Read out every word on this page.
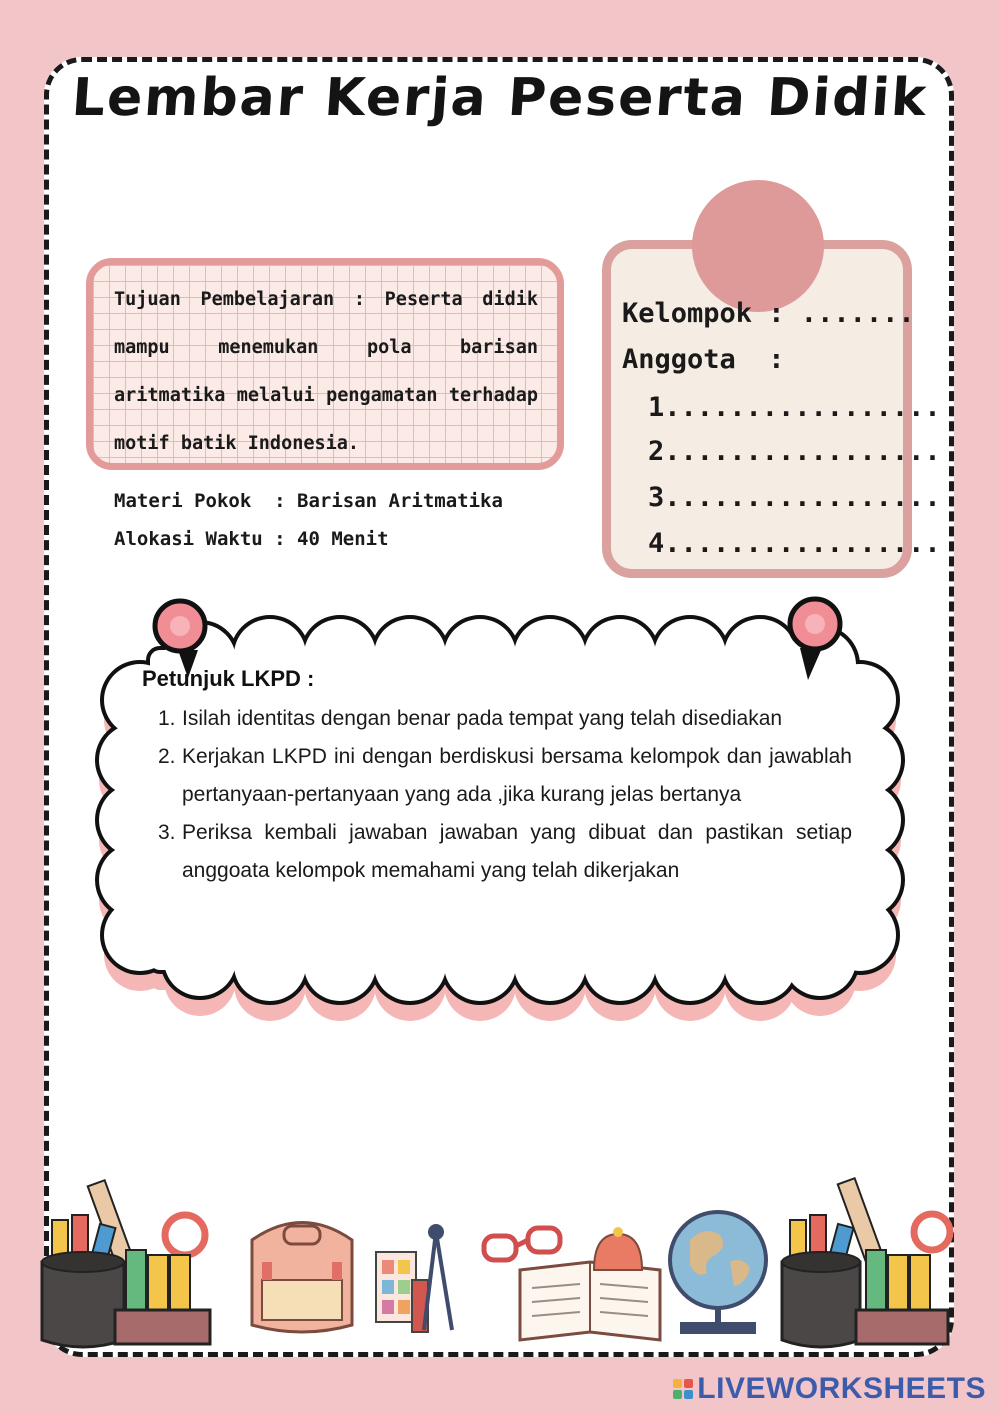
Lembar Kerja Peserta Didik
Tujuan Pembelajaran : Peserta didik mampu menemukan pola barisan aritmatika melalui pengamatan terhadap motif batik Indonesia.
Materi Pokok  : Barisan Aritmatika
Alokasi Waktu : 40 Menit
Kelompok : .......
Anggota  :
1.................
2.................
3.................
4.................
Petunjuk LKPD :
1. Isilah identitas dengan benar pada tempat yang telah disediakan
2. Kerjakan LKPD ini dengan berdiskusi bersama kelompok dan jawablah pertanyaan-pertanyaan yang ada ,jika kurang jelas bertanya
3. Periksa kembali jawaban jawaban yang dibuat dan pastikan setiap anggoata kelompok memahami yang telah dikerjakan
LIVEWORKSHEETS
